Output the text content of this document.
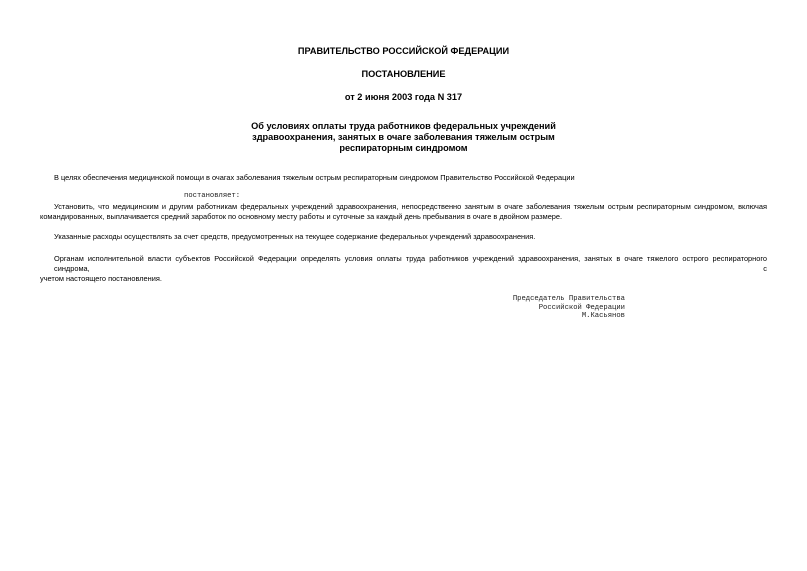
ПРАВИТЕЛЬСТВО РОССИЙСКОЙ ФЕДЕРАЦИИ
ПОСТАНОВЛЕНИЕ
от 2 июня 2003 года N 317
Об условиях оплаты труда работников федеральных учреждений
здравоохранения, занятых в очаге заболевания тяжелым острым
респираторным синдромом
В целях обеспечения медицинской помощи в очагах заболевания тяжелым острым респираторным синдромом Правительство Российской Федерации
постановляет:
Установить, что медицинским и другим работникам федеральных учреждений здравоохранения, непосредственно занятым в очаге заболевания тяжелым острым респираторным синдромом, включая
командированных, выплачивается средний заработок по основному месту работы и суточные за каждый день пребывания в очаге в двойном размере.
Указанные расходы осуществлять за счет средств, предусмотренных на текущее содержание федеральных учреждений здравоохранения.
Органам исполнительной власти субъектов Российской Федерации определять условия оплаты труда работников учреждений здравоохранения, занятых в очаге тяжелого острого респираторного синдрома, с
учетом настоящего постановления.
Председатель Правительства
Российской Федерации
М.Касьянов
